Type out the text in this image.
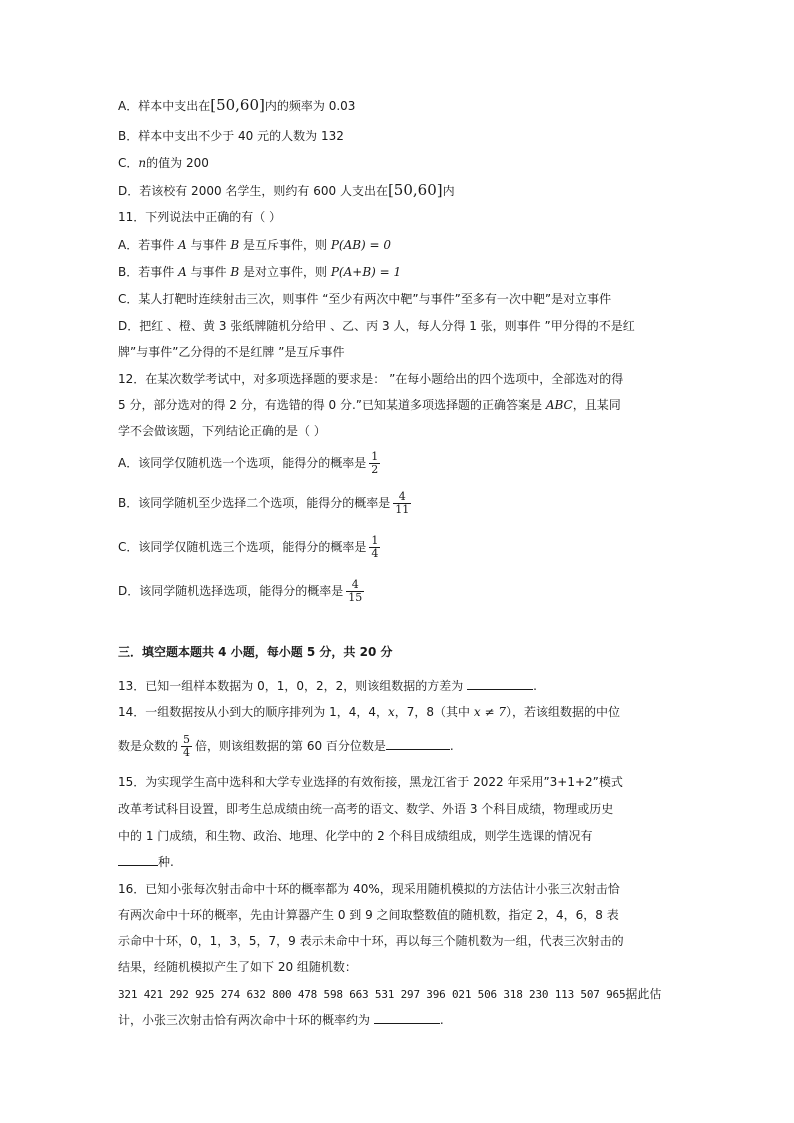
A．样本中支出在[50,60]内的频率为 0.03
B．样本中支出不少于 40 元的人数为 132
C．n的值为 200
D．若该校有 2000 名学生，则约有 600 人支出在[50,60]内
11．下列说法中正确的有（ ）
A．若事件 A 与事件 B 是互斥事件，则 P(AB) = 0
B．若事件 A 与事件 B 是对立事件，则 P(A+B) = 1
C．某人打靶时连续射击三次，则事件 “至少有两次中靶”与事件”至多有一次中靶”是对立事件
D．把红 、橙、黄 3 张纸牌随机分给甲 、乙、丙 3 人，每人分得 1 张，则事件 ”甲分得的不是红
牌”与事件”乙分得的不是红牌 ”是互斥事件
12．在某次数学考试中，对多项选择题的要求是： ”在每小题给出的四个选项中，全部选对的得
5 分，部分选对的得 2 分，有选错的得 0 分.”已知某道多项选择题的正确答案是 ABC，且某同
学不会做该题，下列结论正确的是（ ）
A．该同学仅随机选一个选项，能得分的概率是 $\frac{1}{2}$
B．该同学随机至少选择二个选项，能得分的概率是 $\frac{4}{11}$
C．该同学仅随机选三个选项，能得分的概率是 $\frac{1}{4}$
D．该同学随机选择选项，能得分的概率是 $\frac{4}{15}$
三．填空题本题共 4 小题，每小题 5 分，共 20 分
13．已知一组样本数据为 0，1，0，2，2，则该组数据的方差为	.
14．一组数据按从小到大的顺序排列为 1，4，4，x，7，8（其中 x ≠ 7），若该组数据的中位
数是众数的 $\frac{5}{4}$ 倍，则该组数据的第 60 百分位数是	.
15．为实现学生高中选科和大学专业选择的有效衔接，黑龙江省于 2022 年采用”3+1+2”模式
改革考试科目设置，即考生总成绩由统一高考的语文、数学、外语 3 个科目成绩，物理或历史
中的 1 门成绩，和生物、政治、地理、化学中的 2 个科目成绩组成，则学生选课的情况有
种.
16．已知小张每次射击命中十环的概率都为 40%，现采用随机模拟的方法估计小张三次射击恰
有两次命中十环的概率，先由计算器产生 0 到 9 之间取整数值的随机数，指定 2，4，6，8 表
示命中十环，0，1，3，5，7，9 表示未命中十环，再以每三个随机数为一组，代表三次射击的
结果，经随机模拟产生了如下 20 组随机数：
321 421 292 925 274 632 800 478 598 663 531 297 396 021 506 318 230 113 507 965据此估
计，小张三次射击恰有两次命中十环的概率约为	.
